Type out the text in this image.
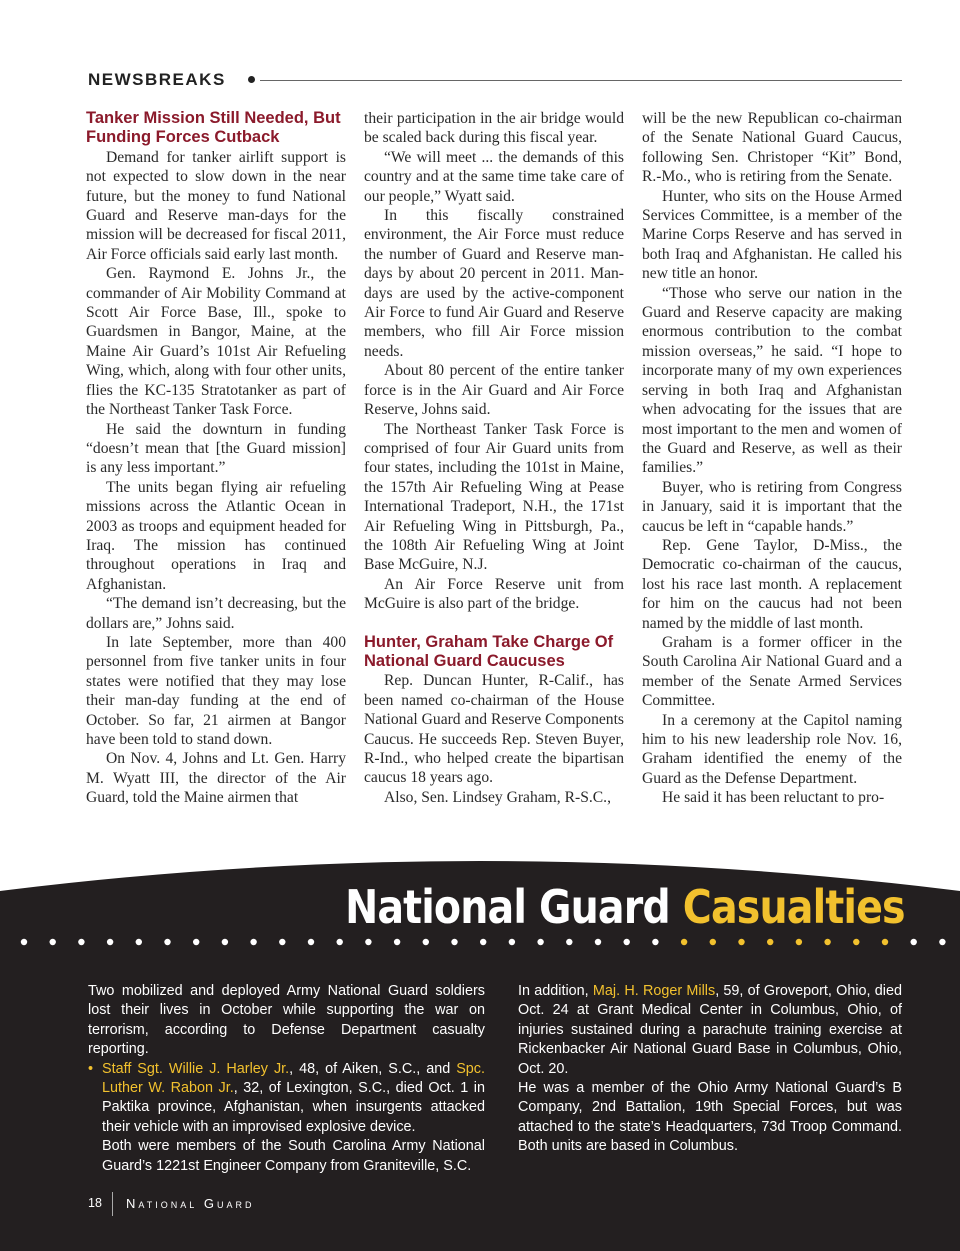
NEWSBREAKS
Tanker Mission Still Needed, But Funding Forces Cutback

Demand for tanker airlift support is not expected to slow down in the near future, but the money to fund National Guard and Reserve man-days for the mission will be decreased for fiscal 2011, Air Force officials said early last month.

Gen. Raymond E. Johns Jr., the commander of Air Mobility Command at Scott Air Force Base, Ill., spoke to Guardsmen in Bangor, Maine, at the Maine Air Guard’s 101st Air Refueling Wing, which, along with four other units, flies the KC-135 Stratotanker as part of the Northeast Tanker Task Force.

He said the downturn in funding “doesn’t mean that [the Guard mission] is any less important.”

The units began flying air refueling missions across the Atlantic Ocean in 2003 as troops and equipment headed for Iraq. The mission has continued throughout operations in Iraq and Afghanistan.

“The demand isn’t decreasing, but the dollars are,” Johns said.

In late September, more than 400 personnel from five tanker units in four states were notified that they may lose their man-day funding at the end of October. So far, 21 airmen at Bangor have been told to stand down.

On Nov. 4, Johns and Lt. Gen. Harry M. Wyatt III, the director of the Air Guard, told the Maine airmen that

their participation in the air bridge would be scaled back during this fiscal year.

“We will meet ... the demands of this country and at the same time take care of our people,” Wyatt said.

In this fiscally constrained environment, the Air Force must reduce the number of Guard and Reserve man-days by about 20 percent in 2011. Man-days are used by the active-component Air Force to fund Air Guard and Reserve members, who fill Air Force mission needs.

About 80 percent of the entire tanker force is in the Air Guard and Air Force Reserve, Johns said.

The Northeast Tanker Task Force is comprised of four Air Guard units from four states, including the 101st in Maine, the 157th Air Refueling Wing at Pease International Tradeport, N.H., the 171st Air Refueling Wing in Pittsburgh, Pa., the 108th Air Refueling Wing at Joint Base McGuire, N.J.

An Air Force Reserve unit from McGuire is also part of the bridge.

Hunter, Graham Take Charge Of National Guard Caucuses

Rep. Duncan Hunter, R-Calif., has been named co-chairman of the House National Guard and Reserve Components Caucus. He succeeds Rep. Steven Buyer, R-Ind., who helped create the bipartisan caucus 18 years ago.

Also, Sen. Lindsey Graham, R-S.C.,

will be the new Republican co-chairman of the Senate National Guard Caucus, following Sen. Christoper “Kit” Bond, R.-Mo., who is retiring from the Senate.

Hunter, who sits on the House Armed Services Committee, is a member of the Marine Corps Reserve and has served in both Iraq and Afghanistan. He called his new title an honor.

“Those who serve our nation in the Guard and Reserve capacity are making enormous contribution to the combat mission overseas,” he said. “I hope to incorporate many of my own experiences serving in both Iraq and Afghanistan when advocating for the issues that are most important to the men and women of the Guard and Reserve, as well as their families.”

Buyer, who is retiring from Congress in January, said it is important that the caucus be left in “capable hands.”

Rep. Gene Taylor, D-Miss., the Democratic co-chairman of the caucus, lost his race last month. A replacement for him on the caucus had not been named by the middle of last month.

Graham is a former officer in the South Carolina Air National Guard and a member of the Senate Armed Services Committee.

In a ceremony at the Capitol naming him to his new leadership role Nov. 16, Graham identified the enemy of the Guard as the Defense Department.

He said it has been reluctant to pro-

National Guard Casualties

Two mobilized and deployed Army National Guard soldiers lost their lives in October while supporting the war on terrorism, according to Defense Department casualty reporting.

• Staff Sgt. Willie J. Harley Jr., 48, of Aiken, S.C., and Spc. Luther W. Rabon Jr., 32, of Lexington, S.C., died Oct. 1 in Paktika province, Afghanistan, when insurgents attacked their vehicle with an improvised explosive device.

Both were members of the South Carolina Army National Guard’s 1221st Engineer Company from Graniteville, S.C.

In addition, Maj. H. Roger Mills, 59, of Groveport, Ohio, died Oct. 24 at Grant Medical Center in Columbus, Ohio, of injuries sustained during a parachute training exercise at Rickenbacker Air National Guard Base in Columbus, Ohio, Oct. 20.

He was a member of the Ohio Army National Guard’s B Company, 2nd Battalion, 19th Special Forces, but was attached to the state’s Headquarters, 73d Troop Command. Both units are based in Columbus.

18 National Guard
